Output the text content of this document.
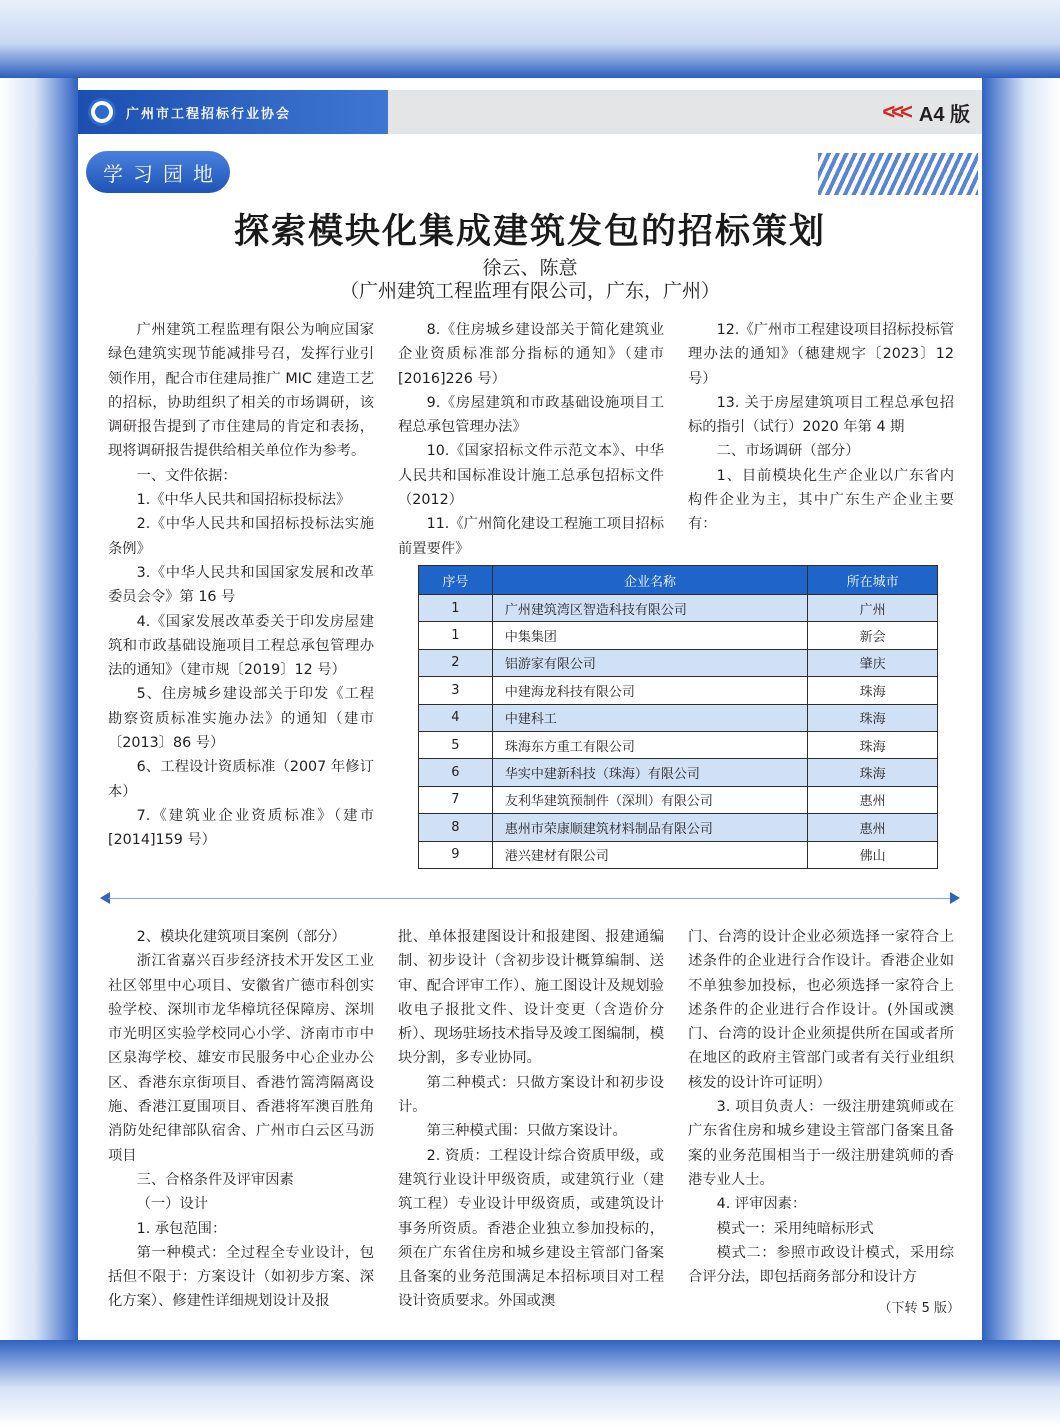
广州市工程招标行业协会	<<< A4 版
学习园地
探索模块化集成建筑发包的招标策划
徐云、陈意
（广州建筑工程监理有限公司，广东，广州）

广州建筑工程监理有限公为响应国家绿色建筑实现节能减排号召，发挥行业引领作用，配合市住建局推广 MIC 建造工艺的招标，协助组织了相关的市场调研，该调研报告提到了市住建局的肯定和表扬，现将调研报告提供给相关单位作为参考。

一、文件依据：

1.《中华人民共和国招标投标法》

2.《中华人民共和国招标投标法实施条例》

3.《中华人民共和国国家发展和改革委员会令》第 16 号

4.《国家发展改革委关于印发房屋建筑和市政基础设施项目工程总承包管理办法的通知》（建市规〔2019〕12 号）

5、住房城乡建设部关于印发《工程勘察资质标准实施办法》的通知（建市〔2013〕86 号）

6、工程设计资质标准（2007 年修订本）

7.《建筑业企业资质标准》（建市 [2014]159 号）

8.《住房城乡建设部关于简化建筑业企业资质标准部分指标的通知》（建市 [2016]226 号）

9.《房屋建筑和市政基础设施项目工程总承包管理办法》

10.《国家招标文件示范文本》、中华人民共和国标准设计施工总承包招标文件（2012）

11.《广州简化建设工程施工项目招标前置要件》

12.《广州市工程建设项目招标投标管理办法的通知》（穗建规字〔2023〕12 号）

13. 关于房屋建筑项目工程总承包招标的指引（试行）2020 年第 4 期

二、市场调研（部分）

1、目前模块化生产企业以广东省内构件企业为主，其中广东生产企业主要有：

序号	企业名称	所在城市
1	广州建筑湾区智造科技有限公司	广州
1	中集集团	新会
2	铝游家有限公司	肇庆
3	中建海龙科技有限公司	珠海
4	中建科工	珠海
5	珠海东方重工有限公司	珠海
6	华实中建新科技（珠海）有限公司	珠海
7	友利华建筑预制件（深圳）有限公司	惠州
8	惠州市荣康顺建筑材料制品有限公司	惠州
9	港兴建材有限公司	佛山

2、模块化建筑项目案例（部分）

浙江省嘉兴百步经济技术开发区工业社区邻里中心项目、安徽省广德市科创实验学校、深圳市龙华樟坑径保障房、深圳市光明区实验学校同心小学、济南市市中区泉海学校、雄安市民服务中心企业办公区、香港东京街项目、香港竹篙湾隔离设施、香港江夏围项目、香港将军澳百胜角消防处纪律部队宿舍、广州市白云区马沥项目

三、合格条件及评审因素

（一）设计

1. 承包范围：

第一种模式：全过程全专业设计，包括但不限于：方案设计（如初步方案、深化方案）、修建性详细规划设计及报

批、单体报建图设计和报建图、报建通编制、初步设计（含初步设计概算编制、送审、配合评审工作）、施工图设计及规划验收电子报批文件、设计变更（含造价分析）、现场驻场技术指导及竣工图编制，模块分割，多专业协同。

第二种模式：只做方案设计和初步设计。

第三种模式围：只做方案设计。

2. 资质：工程设计综合资质甲级，或建筑行业设计甲级资质，或建筑行业（建筑工程）专业设计甲级资质，或建筑设计事务所资质。香港企业独立参加投标的，须在广东省住房和城乡建设主管部门备案且备案的业务范围满足本招标项目对工程设计资质要求。外国或澳

门、台湾的设计企业必须选择一家符合上述条件的企业进行合作设计。香港企业如不单独参加投标，也必须选择一家符合上述条件的企业进行合作设计。(外国或澳门、台湾的设计企业须提供所在国或者所在地区的政府主管部门或者有关行业组织核发的设计许可证明）

3. 项目负责人：一级注册建筑师或在广东省住房和城乡建设主管部门备案且备案的业务范围相当于一级注册建筑师的香港专业人士。

4. 评审因素：

模式一：采用纯暗标形式

模式二：参照市政设计模式，采用综合评分法，即包括商务部分和设计方

（下转 5 版）
